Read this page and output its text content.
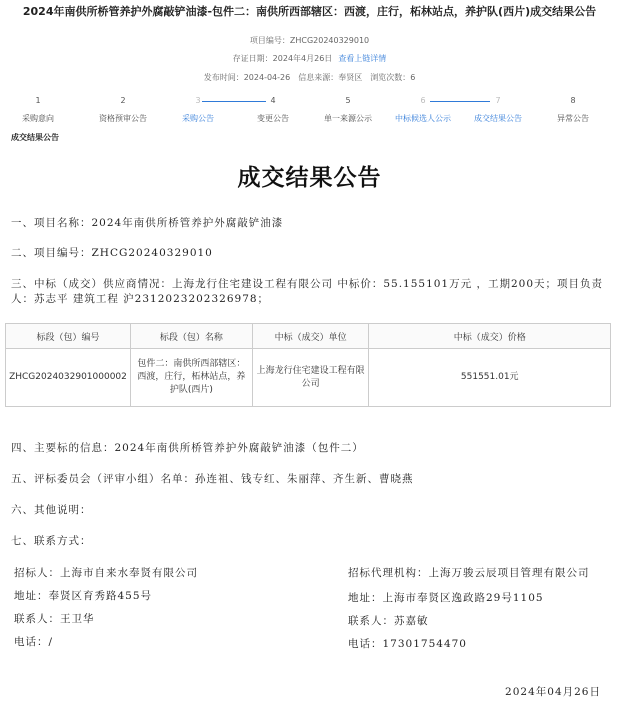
2024年南供所桥管养护外腐敲铲油漆-包件二：南供所西部辖区：西渡，庄行，柘林站点，养护队(西片)成交结果公告
项目编号：ZHCG20240329010
存证日期：2024年4月26日 查看上链详情
发布时间：2024-04-26 信息来源：奉贤区 浏览次数：6
1
采购意向
2
资格预审公告
3
采购公告
4
变更公告
5
单一来源公示
6
中标候选人公示
7
成交结果公告
8
异常公告
成交结果公告
成交结果公告
一、项目名称：2024年南供所桥管养护外腐敲铲油漆
二、项目编号：ZHCG20240329010
三、中标（成交）供应商情况：上海龙行住宅建设工程有限公司 中标价：55.155101万元 ，工期200天；项目负责人：苏志平 建筑工程 沪2312023202326978；
标段（包）编号	标段（包）名称	中标（成交）单位	中标（成交）价格
ZHCG2024032901000002	包件二：南供所西部辖区：西渡，庄行，柘林站点，养护队(西片)	上海龙行住宅建设工程有限公司	551551.01元
四、主要标的信息：2024年南供所桥管养护外腐敲铲油漆（包件二）
五、评标委员会（评审小组）名单：孙连祖、钱专红、朱丽萍、齐生新、曹晓燕
六、其他说明：
七、联系方式：
招标人：上海市自来水奉贤有限公司
地址：奉贤区育秀路455号
联系人：王卫华
电话：/
招标代理机构：上海万骏云辰项目管理有限公司
地址：上海市奉贤区逸政路29号1105
联系人：苏嘉敏
电话：17301754470
2024年04月26日
